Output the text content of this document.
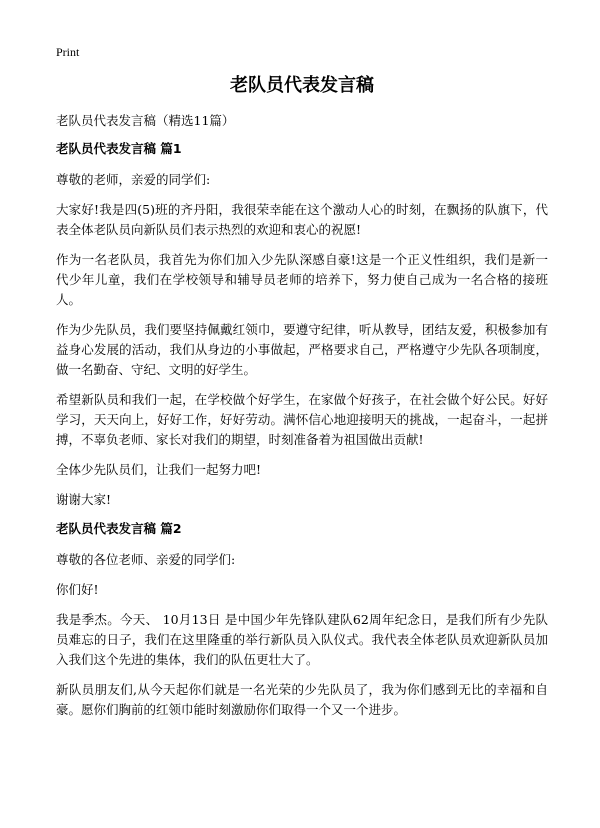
Print

老队员代表发言稿

老队员代表发言稿（精选11篇）

老队员代表发言稿 篇1

尊敬的老师，亲爱的同学们:

大家好!我是四(5)班的齐丹阳，我很荣幸能在这个激动人心的时刻，在飘扬的队旗下，代表全体老队员向新队员们表示热烈的欢迎和衷心的祝愿!

作为一名老队员，我首先为你们加入少先队深感自豪!这是一个正义性组织，我们是新一代少年儿童，我们在学校领导和辅导员老师的培养下，努力使自己成为一名合格的接班人。

作为少先队员，我们要坚持佩戴红领巾，要遵守纪律，听从教导，团结友爱，积极参加有益身心发展的活动，我们从身边的小事做起，严格要求自己，严格遵守少先队各项制度，做一名勤奋、守纪、文明的好学生。

希望新队员和我们一起，在学校做个好学生，在家做个好孩子，在社会做个好公民。好好学习，天天向上，好好工作，好好劳动。满怀信心地迎接明天的挑战，一起奋斗，一起拼搏，不辜负老师、家长对我们的期望，时刻准备着为祖国做出贡献!

全体少先队员们，让我们一起努力吧!

谢谢大家!

老队员代表发言稿 篇2

尊敬的各位老师、亲爱的同学们:

你们好!

我是季杰。今天、 10月13日 是中国少年先锋队建队62周年纪念日，是我们所有少先队员难忘的日子，我们在这里隆重的举行新队员入队仪式。我代表全体老队员欢迎新队员加入我们这个先进的集体，我们的队伍更壮大了。

新队员朋友们,从今天起你们就是一名光荣的少先队员了，我为你们感到无比的幸福和自豪。愿你们胸前的红领巾能时刻激励你们取得一个又一个进步。
